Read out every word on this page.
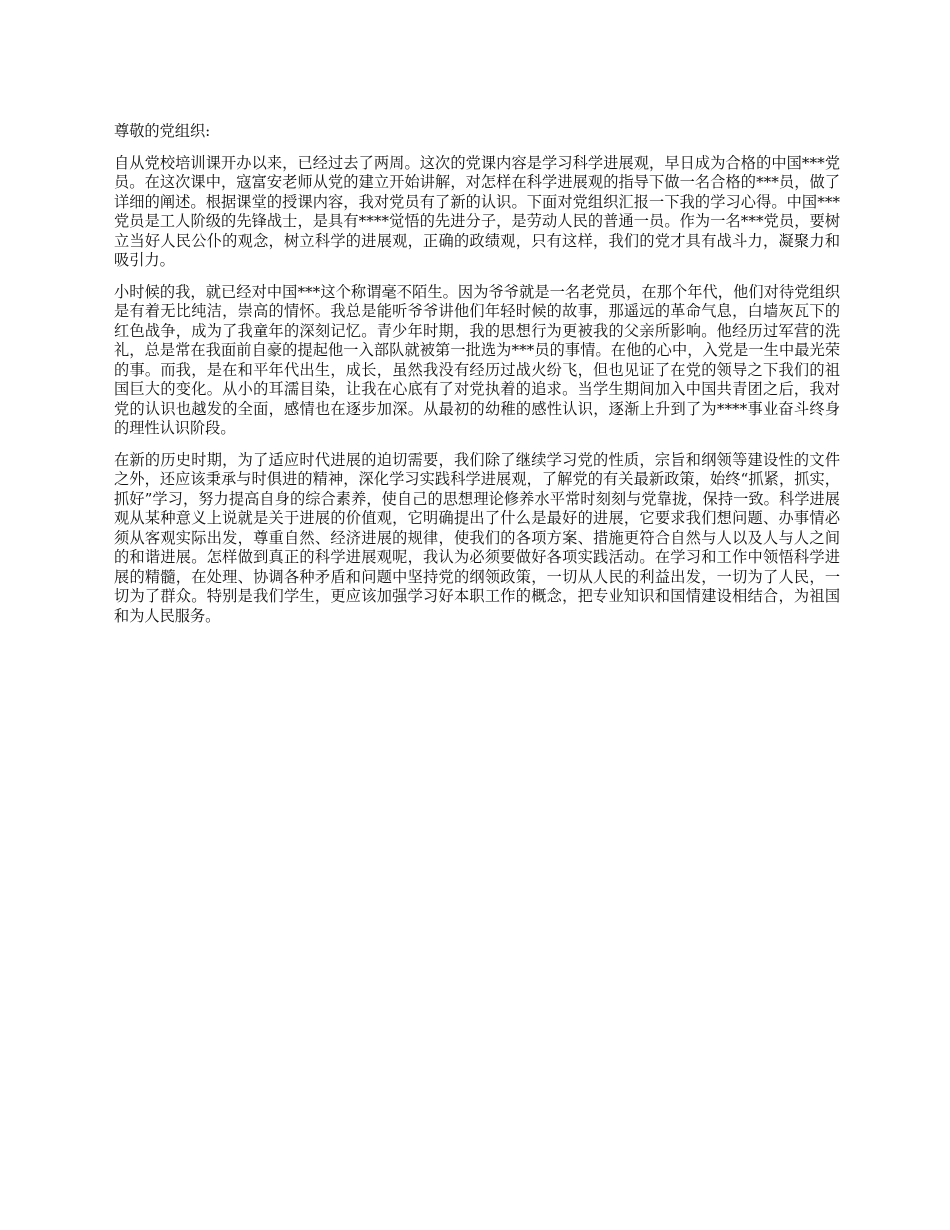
尊敬的党组织:

自从党校培训课开办以来，已经过去了两周。这次的党课内容是学习科学进展观，早日成为合格的中国***党员。在这次课中，寇富安老师从党的建立开始讲解，对怎样在科学进展观的指导下做一名合格的***员，做了详细的阐述。根据课堂的授课内容，我对党员有了新的认识。下面对党组织汇报一下我的学习心得。中国***党员是工人阶级的先锋战士，是具有****觉悟的先进分子，是劳动人民的普通一员。作为一名***党员，要树立当好人民公仆的观念，树立科学的进展观，正确的政绩观，只有这样，我们的党才具有战斗力，凝聚力和吸引力。

小时候的我，就已经对中国***这个称谓毫不陌生。因为爷爷就是一名老党员，在那个年代，他们对待党组织是有着无比纯洁，崇高的情怀。我总是能听爷爷讲他们年轻时候的故事，那遥远的革命气息，白墙灰瓦下的红色战争，成为了我童年的深刻记忆。青少年时期，我的思想行为更被我的父亲所影响。他经历过军营的洗礼，总是常在我面前自豪的提起他一入部队就被第一批选为***员的事情。在他的心中，入党是一生中最光荣的事。而我，是在和平年代出生，成长，虽然我没有经历过战火纷飞，但也见证了在党的领导之下我们的祖国巨大的变化。从小的耳濡目染，让我在心底有了对党执着的追求。当学生期间加入中国共青团之后，我对党的认识也越发的全面，感情也在逐步加深。从最初的幼稚的感性认识，逐渐上升到了为****事业奋斗终身的理性认识阶段。

在新的历史时期，为了适应时代进展的迫切需要，我们除了继续学习党的性质，宗旨和纲领等建设性的文件之外，还应该秉承与时俱进的精神，深化学习实践科学进展观，了解党的有关最新政策，始终“抓紧，抓实，抓好”学习，努力提高自身的综合素养，使自己的思想理论修养水平常时刻刻与党靠拢，保持一致。科学进展观从某种意义上说就是关于进展的价值观，它明确提出了什么是最好的进展，它要求我们想问题、办事情必须从客观实际出发，尊重自然、经济进展的规律，使我们的各项方案、措施更符合自然与人以及人与人之间的和谐进展。怎样做到真正的科学进展观呢，我认为必须要做好各项实践活动。在学习和工作中领悟科学进展的精髓，在处理、协调各种矛盾和问题中坚持党的纲领政策，一切从人民的利益出发，一切为了人民，一切为了群众。特别是我们学生，更应该加强学习好本职工作的概念，把专业知识和国情建设相结合，为祖国和为人民服务。
